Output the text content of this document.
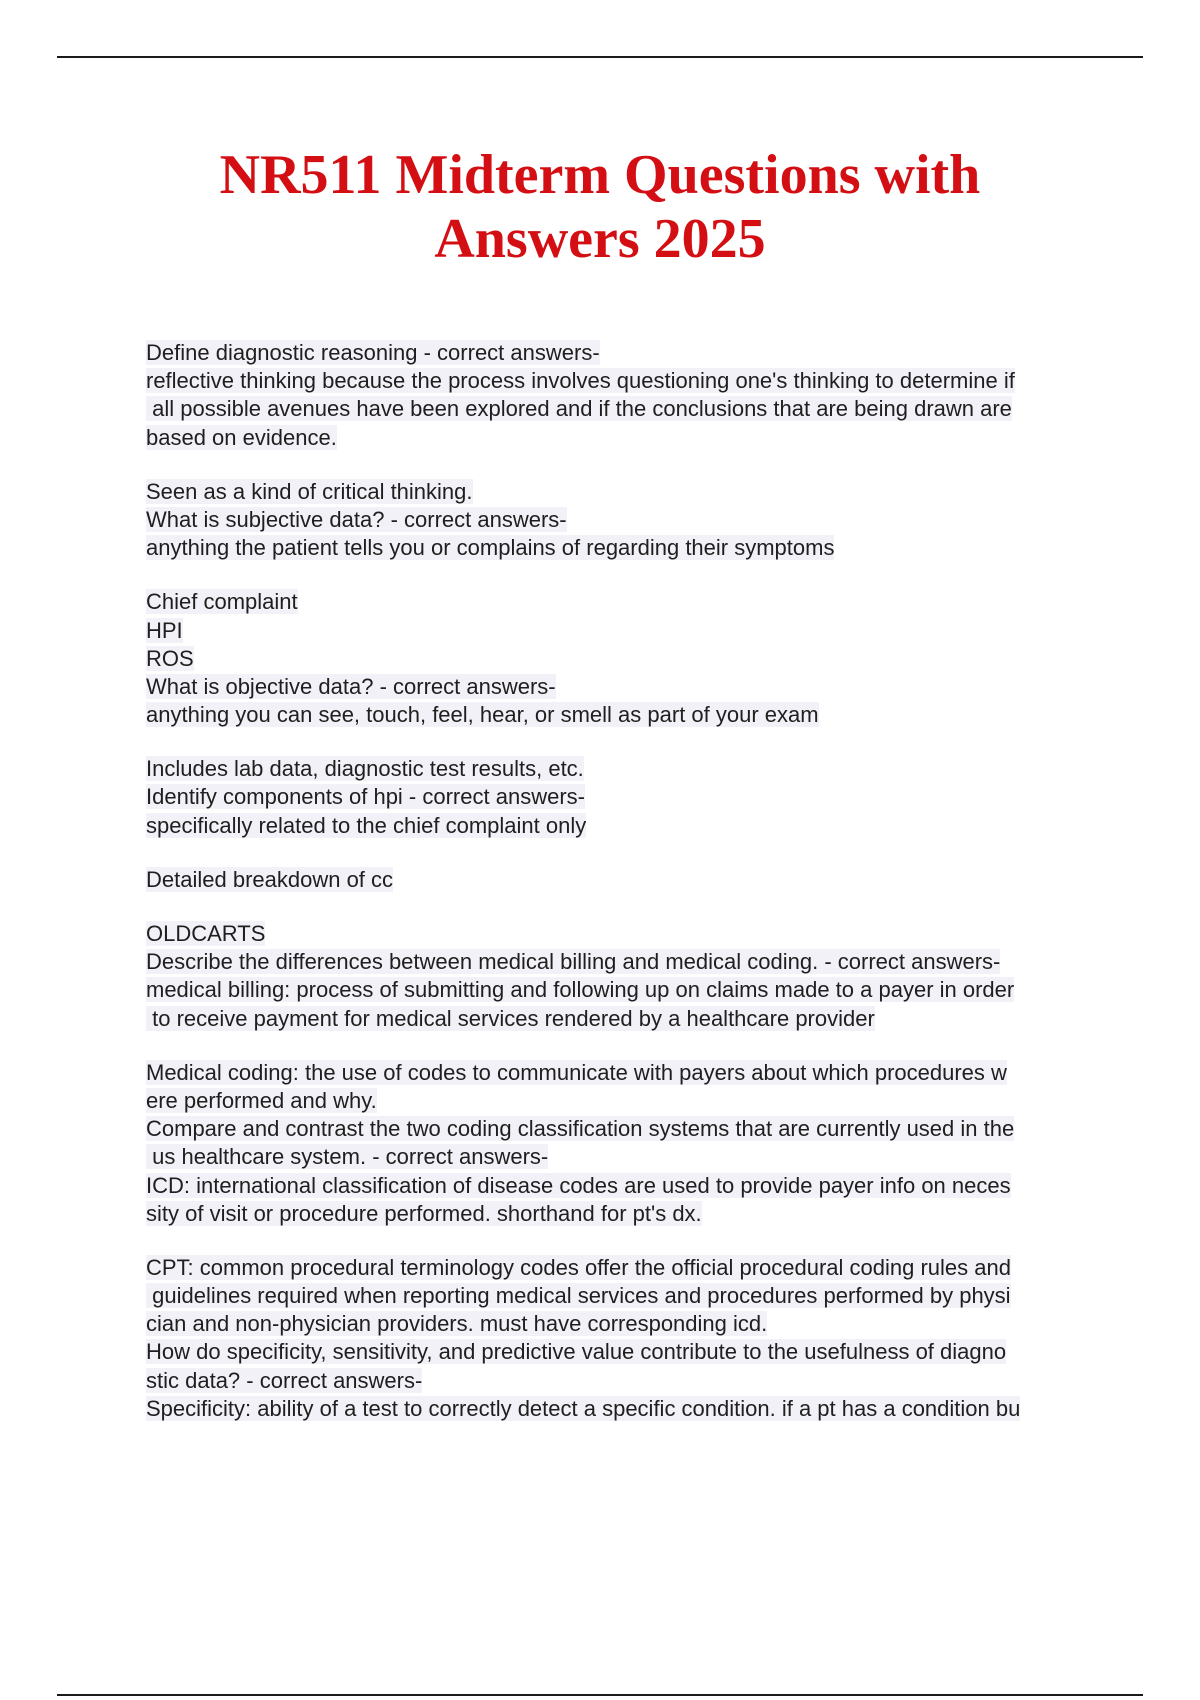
NR511 Midterm Questions with
Answers 2025
Define diagnostic reasoning - correct answers-
reflective thinking because the process involves questioning one's thinking to determine if
all possible avenues have been explored and if the conclusions that are being drawn are
based on evidence.
Seen as a kind of critical thinking.
What is subjective data? - correct answers-
anything the patient tells you or complains of regarding their symptoms
Chief complaint
HPI
ROS
What is objective data? - correct answers-
anything you can see, touch, feel, hear, or smell as part of your exam
Includes lab data, diagnostic test results, etc.
Identify components of hpi - correct answers-
specifically related to the chief complaint only
Detailed breakdown of cc
OLDCARTS
Describe the differences between medical billing and medical coding. - correct answers-
medical billing: process of submitting and following up on claims made to a payer in order
to receive payment for medical services rendered by a healthcare provider
Medical coding: the use of codes to communicate with payers about which procedures w
ere performed and why.
Compare and contrast the two coding classification systems that are currently used in the
us healthcare system. - correct answers-
ICD: international classification of disease codes are used to provide payer info on neces
sity of visit or procedure performed. shorthand for pt's dx.
CPT: common procedural terminology codes offer the official procedural coding rules and
guidelines required when reporting medical services and procedures performed by physi
cian and non-physician providers. must have corresponding icd.
How do specificity, sensitivity, and predictive value contribute to the usefulness of diagno
stic data? - correct answers-
Specificity: ability of a test to correctly detect a specific condition. if a pt has a condition bu
